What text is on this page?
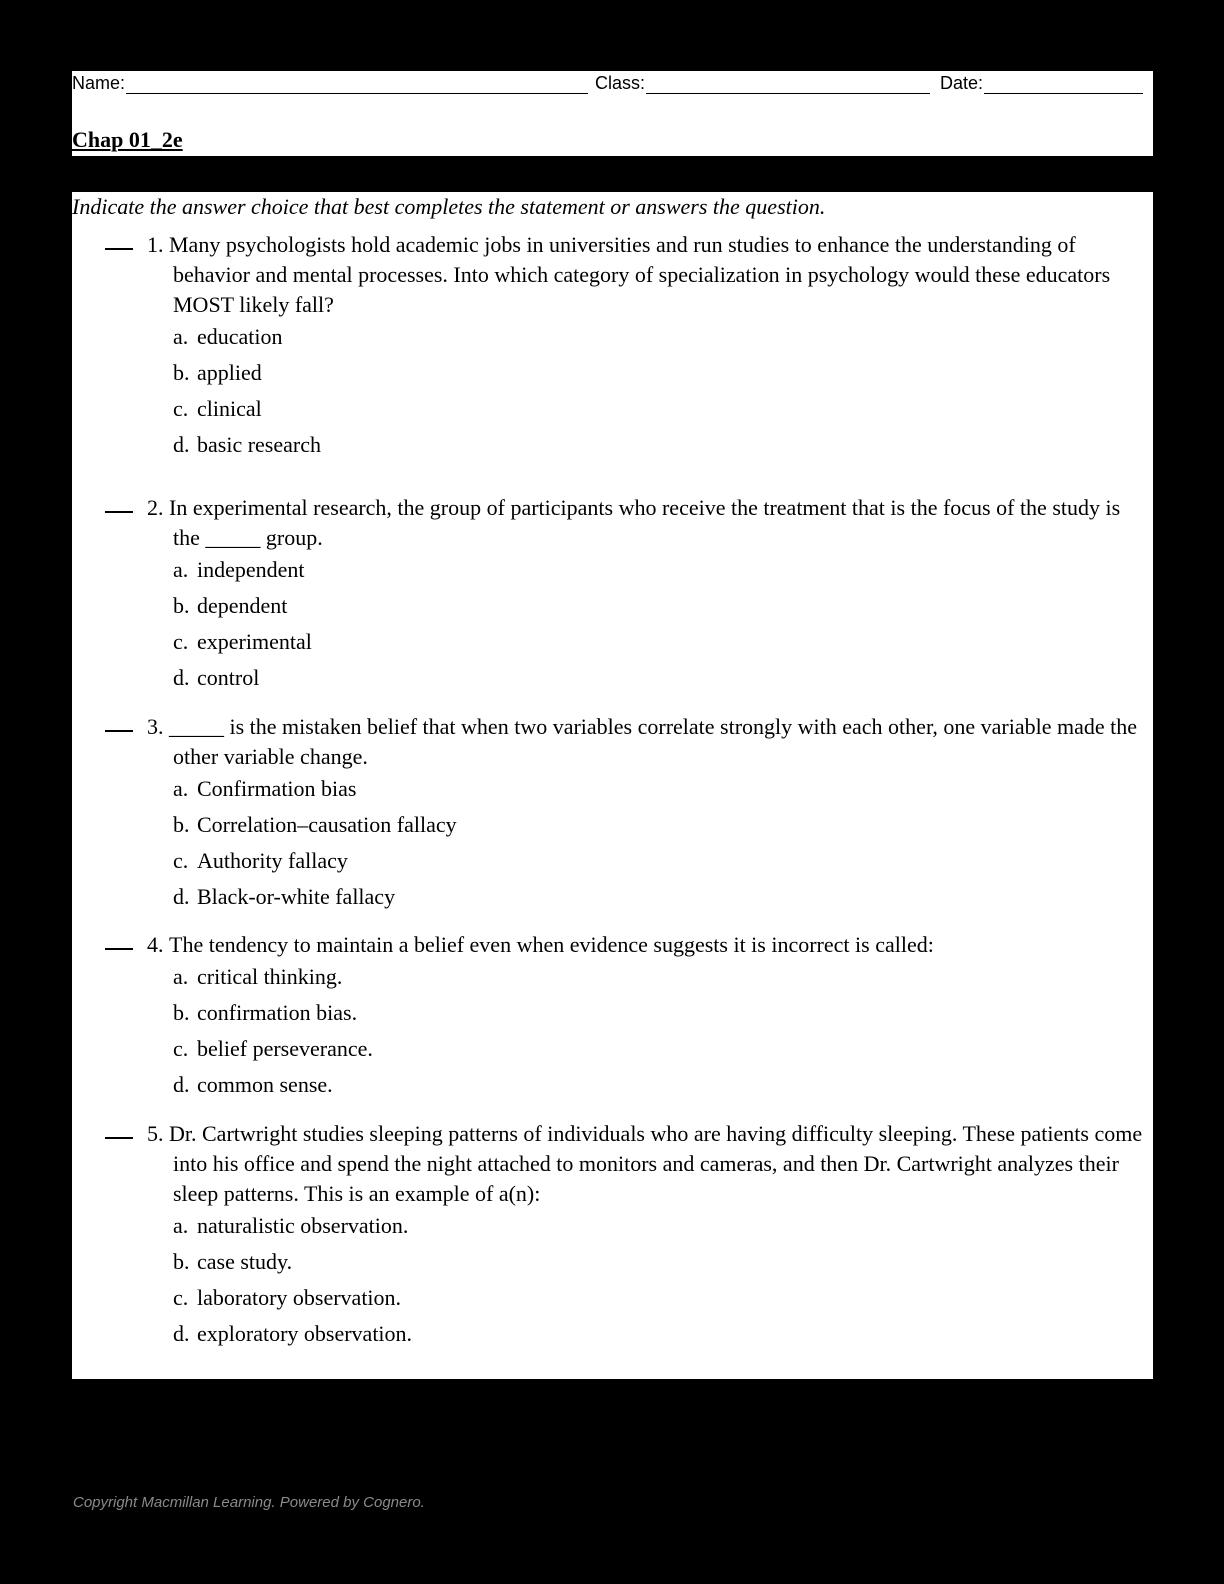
Name:	Class:	Date:
Chap 01_2e
Indicate the answer choice that best completes the statement or answers the question.
1. Many psychologists hold academic jobs in universities and run studies to enhance the understanding of behavior and mental processes. Into which category of specialization in psychology would these educators MOST likely fall?
a. education
b. applied
c. clinical
d. basic research
2. In experimental research, the group of participants who receive the treatment that is the focus of the study is the _____ group.
a. independent
b. dependent
c. experimental
d. control
3. _____ is the mistaken belief that when two variables correlate strongly with each other, one variable made the other variable change.
a. Confirmation bias
b. Correlation–causation fallacy
c. Authority fallacy
d. Black-or-white fallacy
4. The tendency to maintain a belief even when evidence suggests it is incorrect is called:
a. critical thinking.
b. confirmation bias.
c. belief perseverance.
d. common sense.
5. Dr. Cartwright studies sleeping patterns of individuals who are having difficulty sleeping. These patients come into his office and spend the night attached to monitors and cameras, and then Dr. Cartwright analyzes their sleep patterns. This is an example of a(n):
a. naturalistic observation.
b. case study.
c. laboratory observation.
d. exploratory observation.
Copyright Macmillan Learning. Powered by Cognero.
